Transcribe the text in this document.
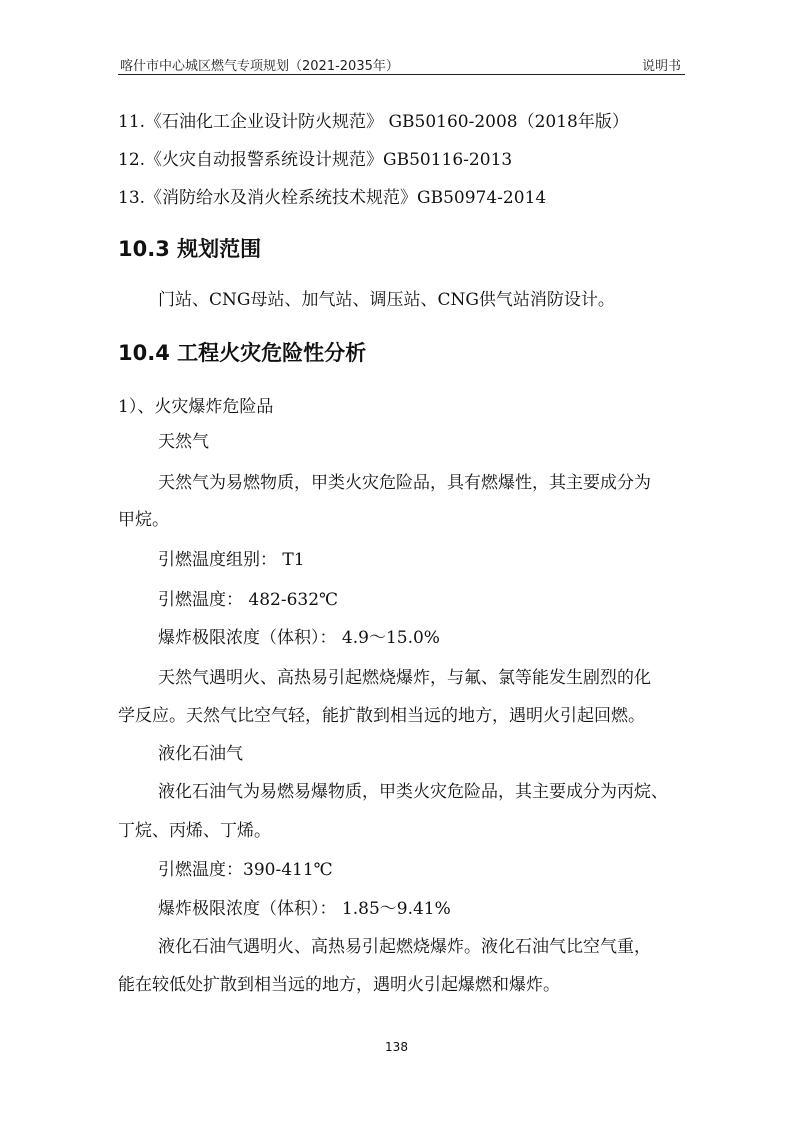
喀什市中心城区燃气专项规划（2021-2035年）	说明书
11.《石油化工企业设计防火规范》 GB50160-2008（2018年版）
12.《火灾自动报警系统设计规范》GB50116-2013
13.《消防给水及消火栓系统技术规范》GB50974-2014
10.3 规划范围
门站、CNG母站、加气站、调压站、CNG供气站消防设计。
10.4 工程火灾危险性分析
1）、火灾爆炸危险品
天然气
天然气为易燃物质，甲类火灾危险品，具有燃爆性，其主要成分为
甲烷。
引燃温度组别： T1
引燃温度： 482-632℃
爆炸极限浓度（体积）： 4.9～15.0%
天然气遇明火、高热易引起燃烧爆炸，与氟、氯等能发生剧烈的化
学反应。天然气比空气轻，能扩散到相当远的地方，遇明火引起回燃。
液化石油气
液化石油气为易燃易爆物质，甲类火灾危险品，其主要成分为丙烷、
丁烷、丙烯、丁烯。
引燃温度：390-411℃
爆炸极限浓度（体积）： 1.85～9.41%
液化石油气遇明火、高热易引起燃烧爆炸。液化石油气比空气重，
能在较低处扩散到相当远的地方，遇明火引起爆燃和爆炸。
138
